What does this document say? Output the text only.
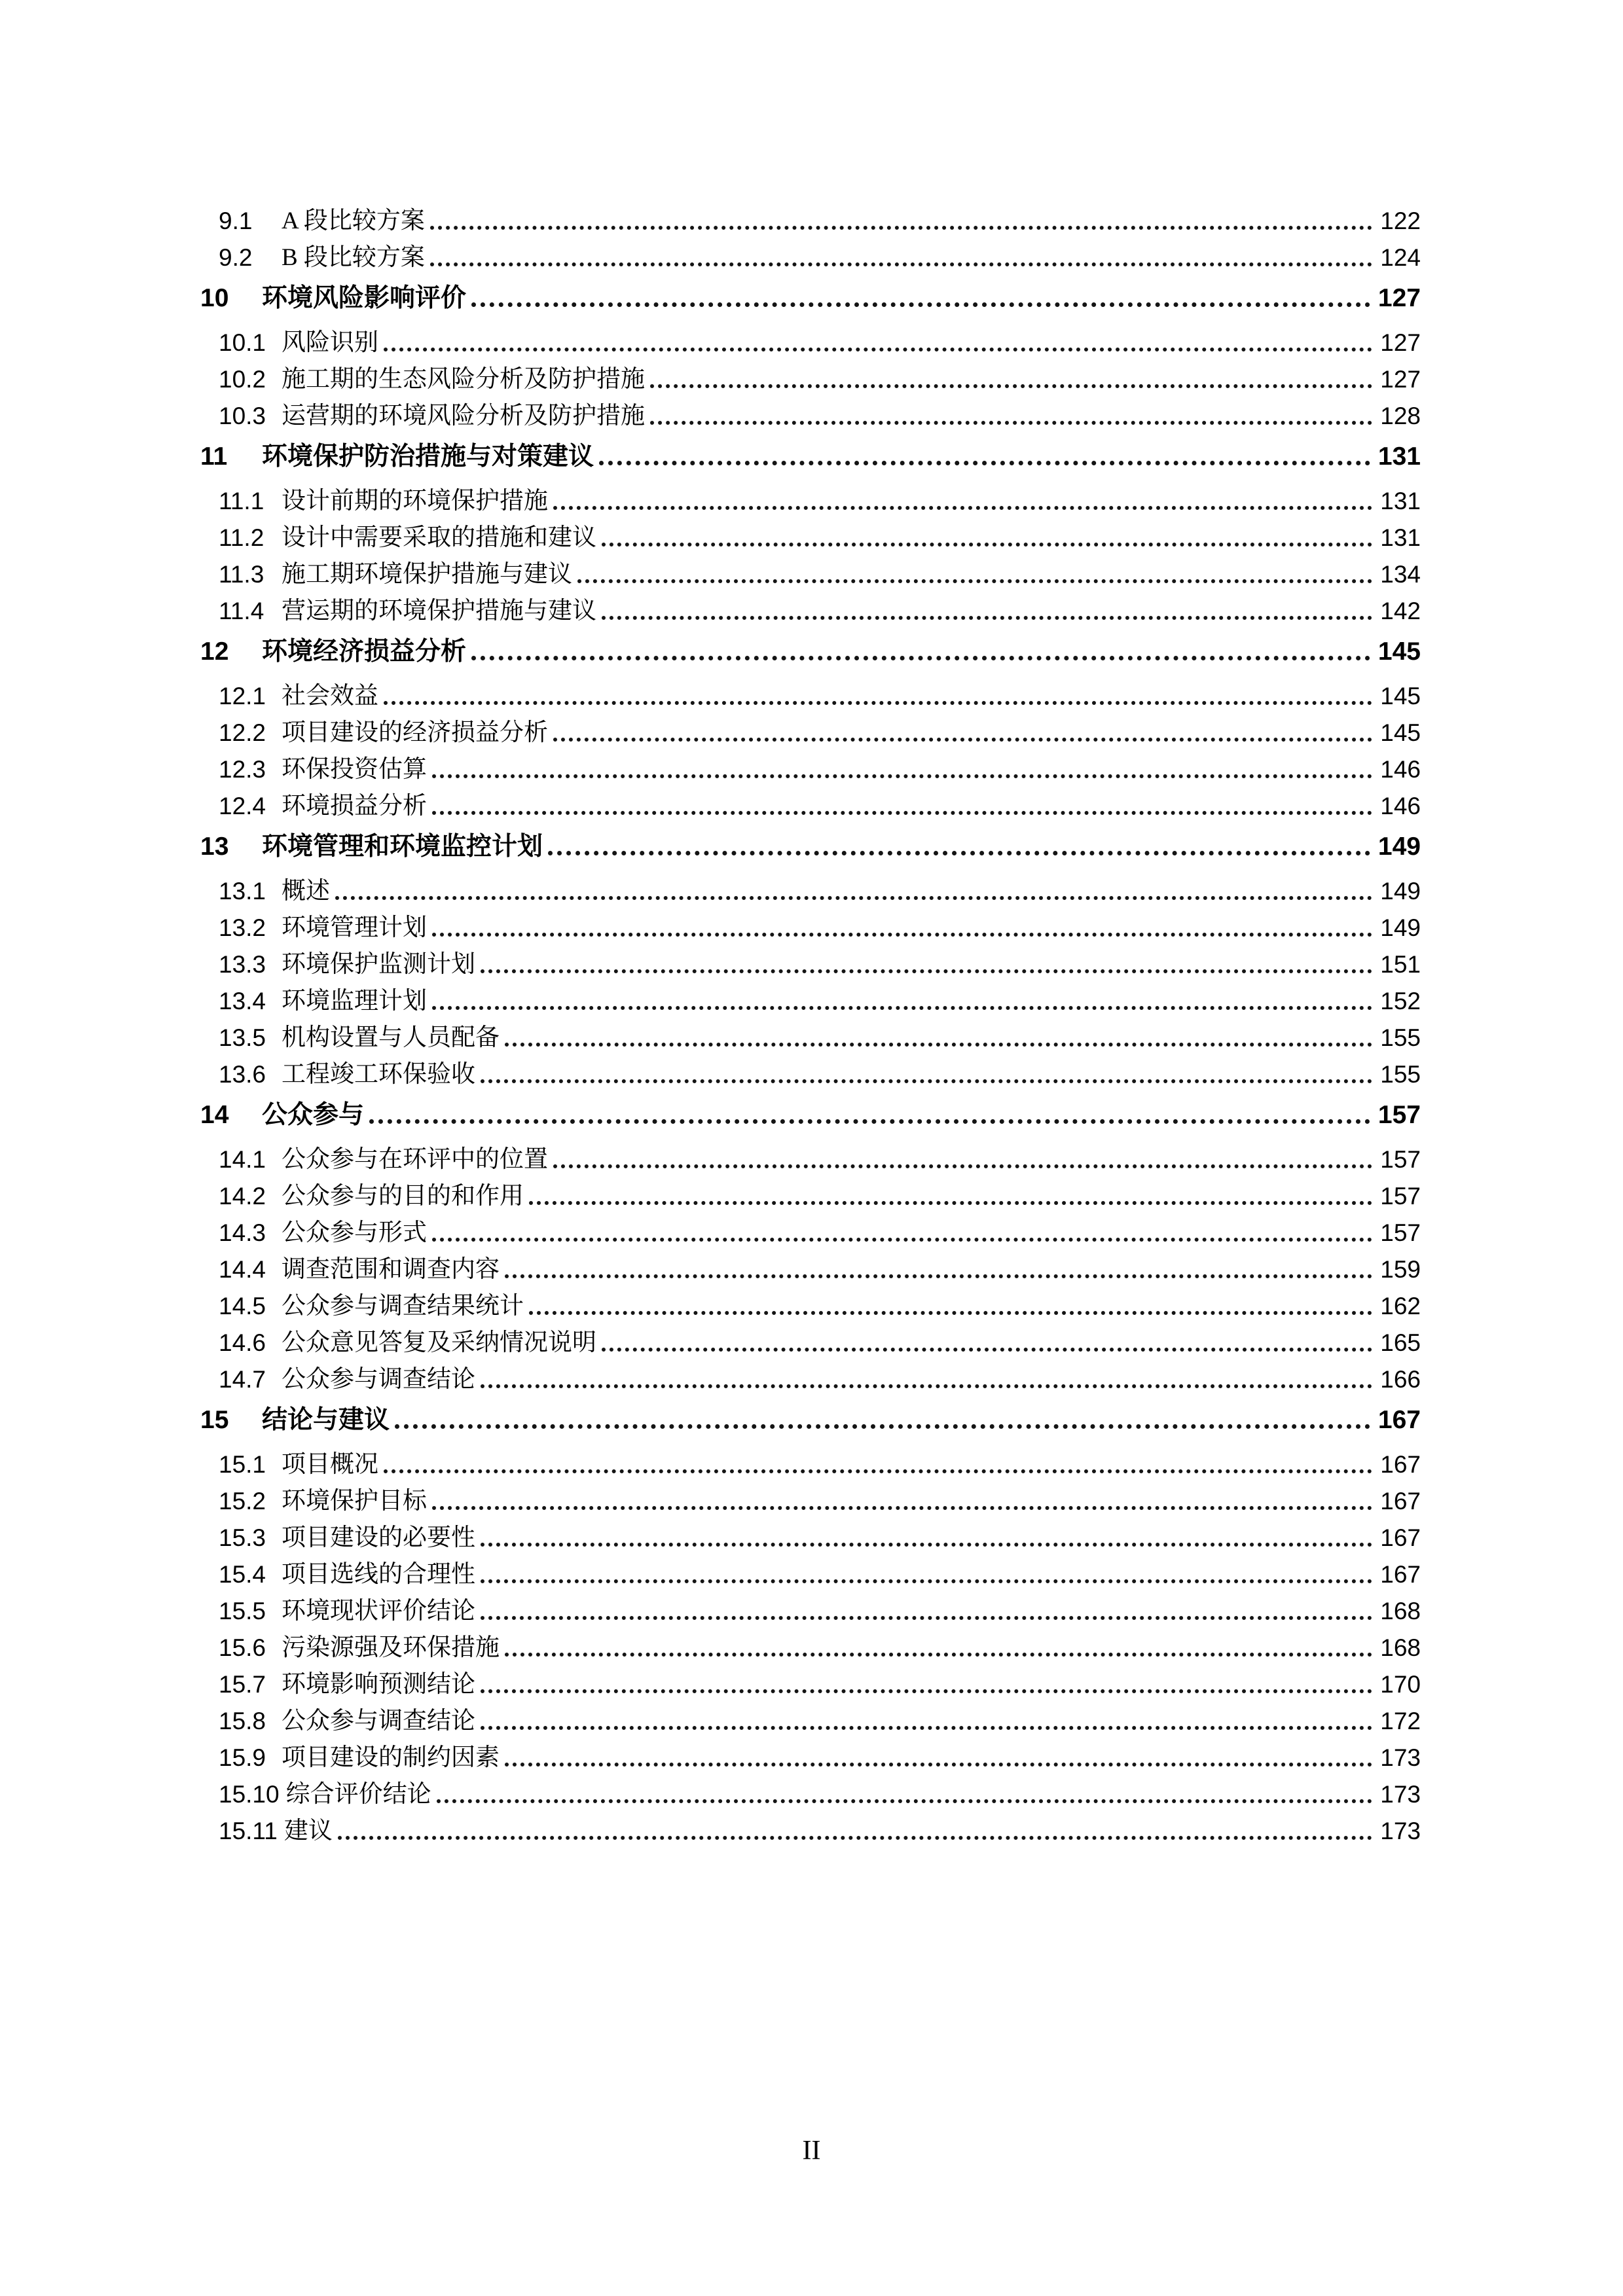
9.1	A 段比较方案	122
9.2	B 段比较方案	124
10	环境风险影响评价	127
10.1 风险识别	127
10.2 施工期的生态风险分析及防护措施	127
10.3 运营期的环境风险分析及防护措施	128
11	环境保护防治措施与对策建议	131
11.1 设计前期的环境保护措施	131
11.2 设计中需要采取的措施和建议	131
11.3 施工期环境保护措施与建议	134
11.4 营运期的环境保护措施与建议	142
12	环境经济损益分析	145
12.1 社会效益	145
12.2 项目建设的经济损益分析	145
12.3 环保投资估算	146
12.4 环境损益分析	146
13	环境管理和环境监控计划	149
13.1 概述	149
13.2 环境管理计划	149
13.3 环境保护监测计划	151
13.4 环境监理计划	152
13.5 机构设置与人员配备	155
13.6 工程竣工环保验收	155
14	公众参与	157
14.1 公众参与在环评中的位置	157
14.2 公众参与的目的和作用	157
14.3 公众参与形式	157
14.4 调查范围和调查内容	159
14.5 公众参与调查结果统计	162
14.6 公众意见答复及采纳情况说明	165
14.7 公众参与调查结论	166
15	结论与建议	167
15.1 项目概况	167
15.2 环境保护目标	167
15.3 项目建设的必要性	167
15.4 项目选线的合理性	167
15.5 环境现状评价结论	168
15.6 污染源强及环保措施	168
15.7 环境影响预测结论	170
15.8 公众参与调查结论	172
15.9 项目建设的制约因素	173
15.10 综合评价结论	173
15.11 建议	173
II
